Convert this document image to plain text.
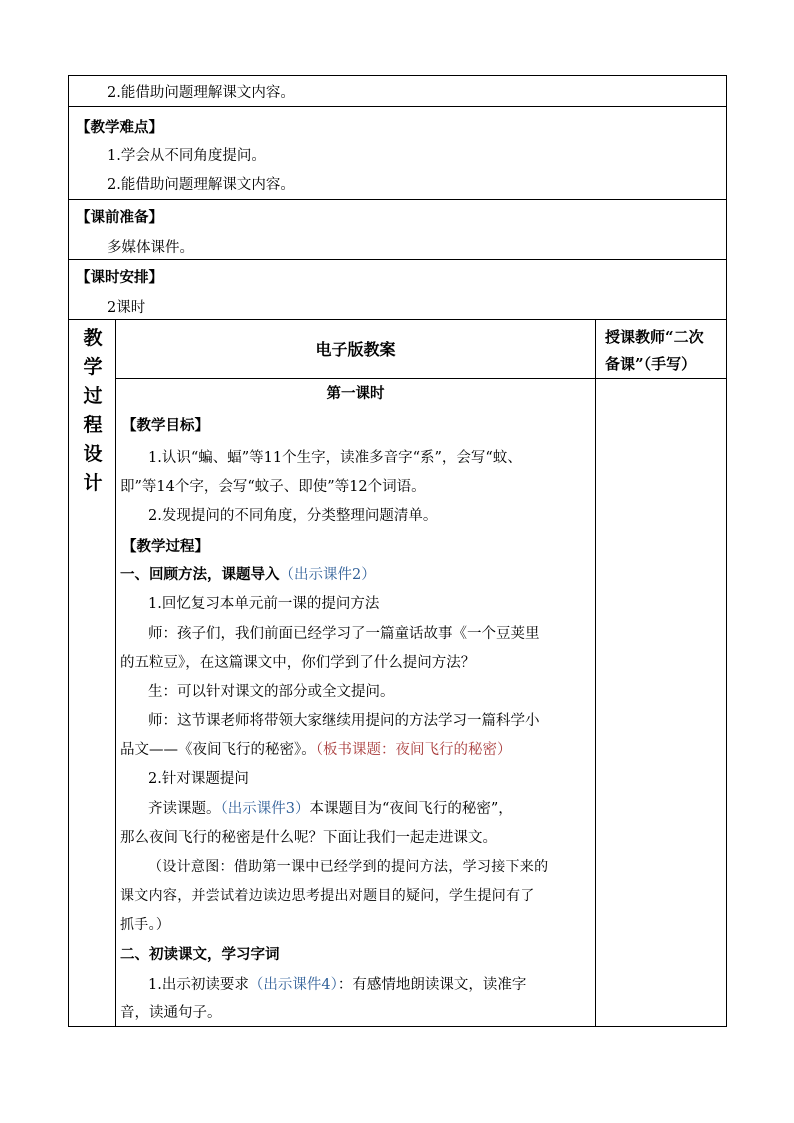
2.能借助问题理解课文内容。
【教学难点】
1.学会从不同角度提问。
2.能借助问题理解课文内容。
【课前准备】
多媒体课件。
【课时安排】
2课时
教
学
过
程
设
计
电子版教案
授课教师“二次
备课”（手写）
第一课时
【教学目标】
1.认识“蝙、蝠”等11个生字，读准多音字“系”，会写“蚊、
即”等14个字，会写“蚊子、即使”等12个词语。
2.发现提问的不同角度，分类整理问题清单。
【教学过程】
一、回顾方法，课题导入（出示课件2）
1.回忆复习本单元前一课的提问方法
师：孩子们，我们前面已经学习了一篇童话故事《一个豆荚里
的五粒豆》，在这篇课文中，你们学到了什么提问方法？
生：可以针对课文的部分或全文提问。
师：这节课老师将带领大家继续用提问的方法学习一篇科学小
品文——《夜间飞行的秘密》。（板书课题：夜间飞行的秘密）
2.针对课题提问
齐读课题。（出示课件3）本课题目为“夜间飞行的秘密”，
那么夜间飞行的秘密是什么呢？下面让我们一起走进课文。
（设计意图：借助第一课中已经学到的提问方法，学习接下来的
课文内容，并尝试着边读边思考提出对题目的疑问，学生提问有了
抓手。）
二、初读课文，学习字词
1.出示初读要求（出示课件4）：有感情地朗读课文，读准字
音，读通句子。
